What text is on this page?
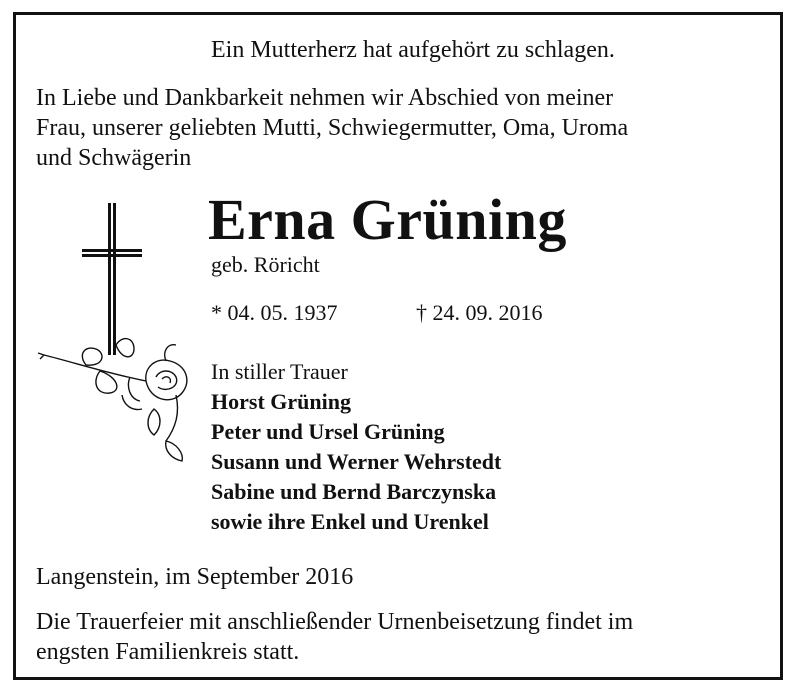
Ein Mutterherz hat aufgehört zu schlagen.
In Liebe und Dankbarkeit nehmen wir Abschied von meiner
Frau, unserer geliebten Mutti, Schwiegermutter, Oma, Uroma
und Schwägerin
Erna Grüning
geb. Röricht
* 04. 05. 1937	† 24. 09. 2016
In stiller Trauer
Horst Grüning
Peter und Ursel Grüning
Susann und Werner Wehrstedt
Sabine und Bernd Barczynska
sowie ihre Enkel und Urenkel
Langenstein, im September 2016
Die Trauerfeier mit anschließender Urnenbeisetzung findet im
engsten Familienkreis statt.
